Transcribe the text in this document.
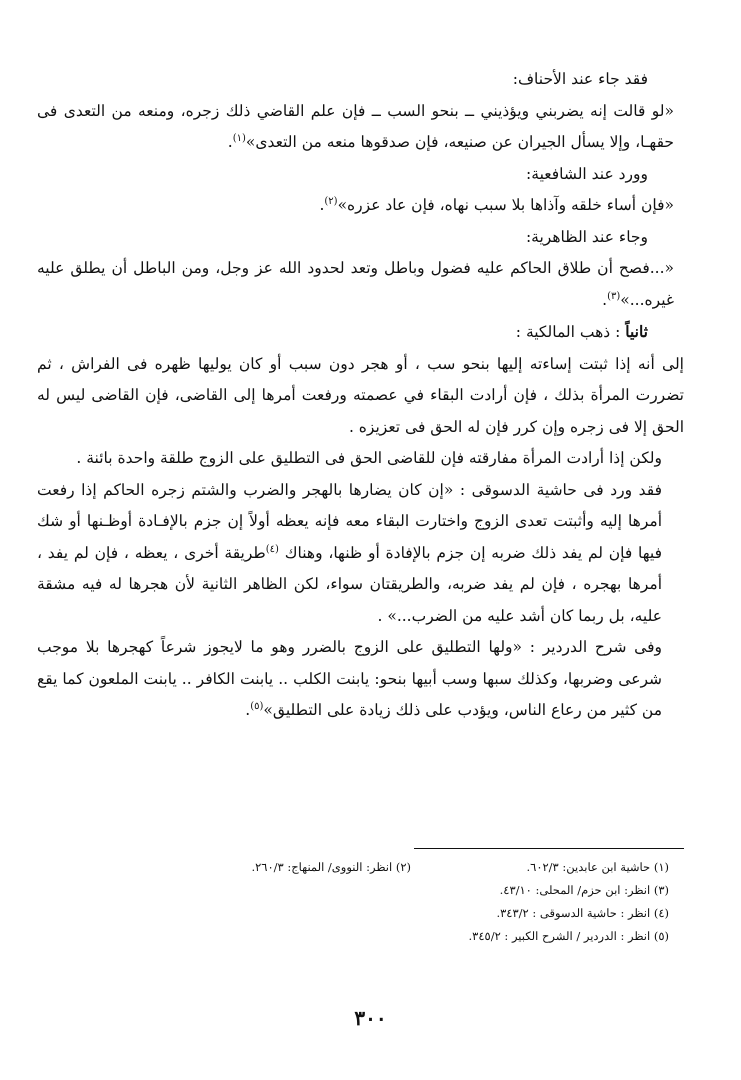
فقد جاء عند الأحناف:

«لو قالت إنه يضربني ويؤذيني ــ بنحو السب ــ فإن علم القاضي ذلك زجره، ومنعه من التعدى فى حقهـا، وإلا يسأل الجيران عن صنيعه، فإن صدقوها منعه من التعدى»$^{(١)}$.

وورد عند الشافعية:

«فإن أساء خلقه وآذاها بلا سبب نهاه، فإن عاد عزره»$^{(٢)}$.

وجاء عند الظاهرية:

«...فصح أن طلاق الحاكم عليه فضول وباطل وتعد لحدود الله عز وجل، ومن الباطل أن يطلق عليه غيره...»$^{(٣)}$.

ثانياً : ذهب المالكية :

إلى أنه إذا ثبتت إساءته إليها بنحو سب ، أو هجر دون سبب أو كان يوليها ظهره فى الفراش ، ثم تضررت المرأة بذلك ، فإن أرادت البقاء في عصمته ورفعت أمرها إلى القاضى، فإن القاضى ليس له الحق إلا فى زجره وإن كرر فإن له الحق فى تعزيزه .

ولكن إذا أرادت المرأة مفارقته فإن للقاضى الحق فى التطليق على الزوج طلقة واحدة بائنة .

فقد ورد فى حاشية الدسوقى : «إن كان يضارها بالهجر والضرب والشتم زجره الحاكم إذا رفعت أمرها إليه وأثبتت تعدى الزوج واختارت البقاء معه فإنه يعظه أولاً إن جزم بالإفـادة أوظـنها أو شك فيها فإن لم يفد ذلك ضربه إن جزم بالإفادة أو ظنها، وهناك $^{(٤)}$طريقة أخرى ، يعظه ، فإن لم يفد ، أمرها بهجره ، فإن لم يفد ضربه، والطريقتان سواء، لكن الظاهر الثانية لأن هجرها له فيه مشقة عليه، بل ربما كان أشد عليه من الضرب...» .

وفى شرح الدردير : «ولها التطليق على الزوج بالضرر وهو ما لايجوز شرعاً كهجرها بلا موجب شرعى وضربها، وكذلك سبها وسب أبيها بنحو: يابنت الكلب .. يابنت الكافر .. يابنت الملعون كما يقع من كثير من رعاع الناس، ويؤدب على ذلك زيادة على التطليق»$^{(٥)}$.

(١) حاشية ابن عابدين: ٦٠٢/٣.
(٢) انظر: النووى/ المنهاج: ٢٦٠/٣.
(٣) انظر: ابن حزم/ المحلى: ٤٣/١٠.
(٤) انظر : حاشية الدسوقى : ٣٤٣/٢.
(٥) انظر : الدردير / الشرح الكبير : ٣٤٥/٢.
٣٠٠
